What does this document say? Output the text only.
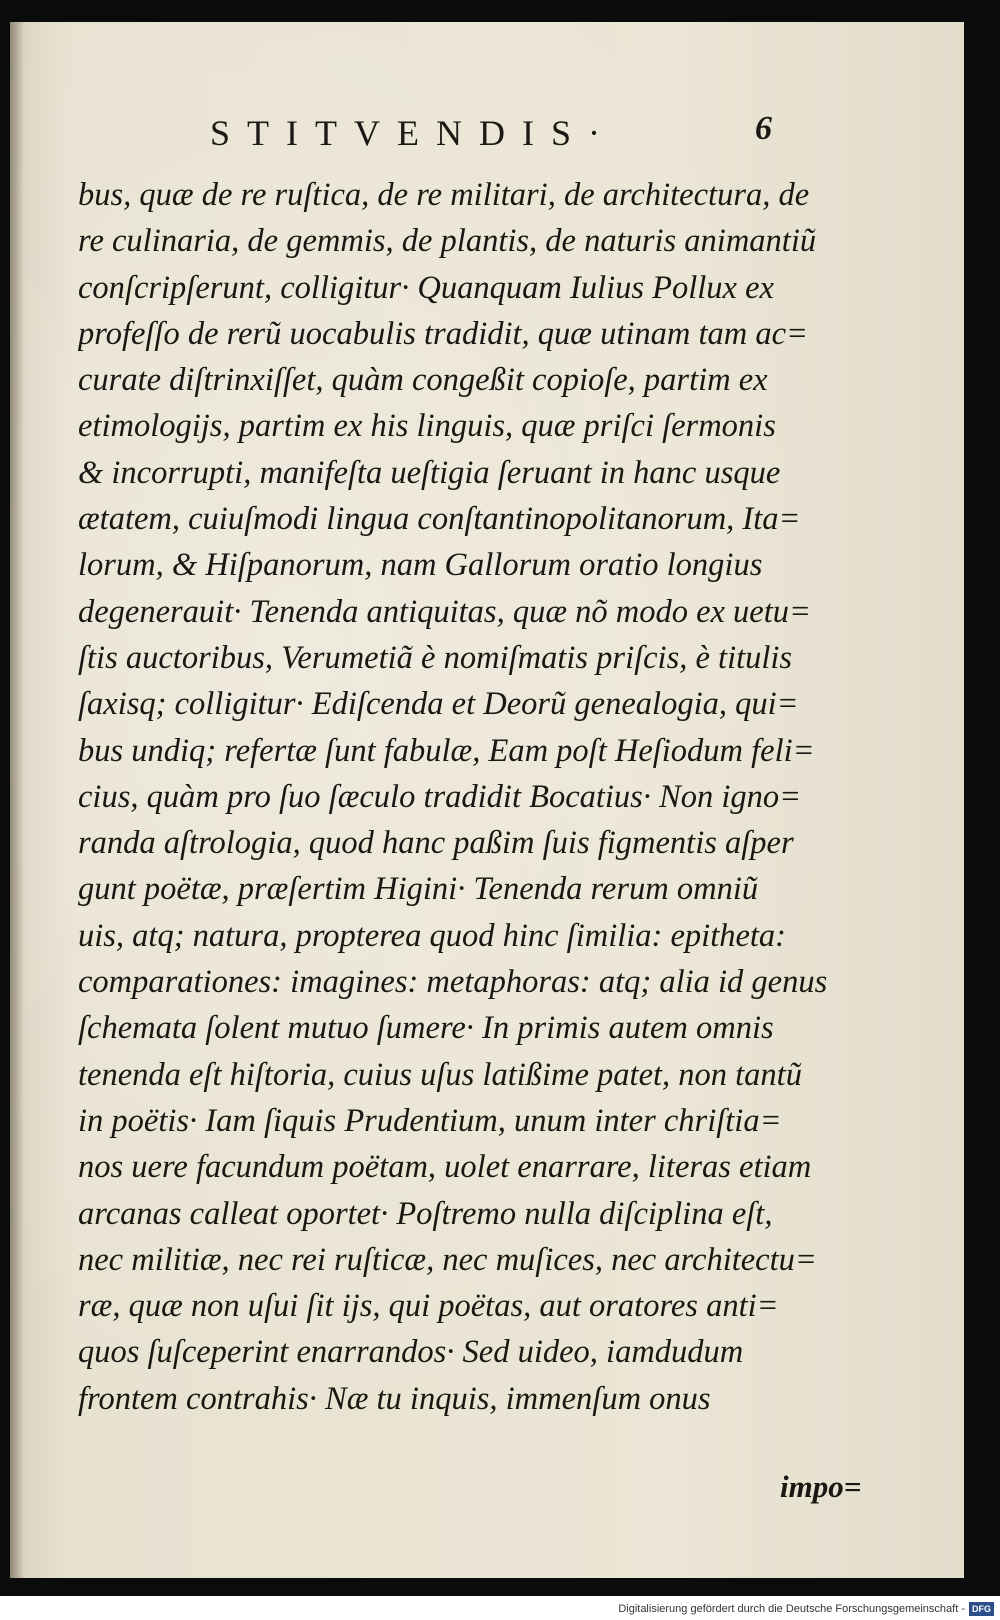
STITVENDIS·	6
bus, quæ de re ruſtica, de re militari, de architectura, de
re culinaria, de gemmis, de plantis, de naturis animantiũ
conſcripſerunt, colligitur· Quanquam Iulius Pollux ex
profeſſo de rerũ uocabulis tradidit, quæ utinam tam ac=
curate diſtrinxiſſet, quàm congeßit copioſe, partim ex
etimologijs, partim ex his linguis, quæ priſci ſermonis
& incorrupti, manifeſta ueſtigia ſeruant in hanc usque
ætatem, cuiuſmodi lingua conſtantinopolitanorum, Ita=
lorum, & Hiſpanorum, nam Gallorum oratio longius
degenerauit· Tenenda antiquitas, quæ nõ modo ex uetu=
ſtis auctoribus, Verumetiã è nomiſmatis priſcis, è titulis
ſaxisq; colligitur· Ediſcenda et Deorũ genealogia, qui=
bus undiq; refertæ ſunt fabulæ, Eam poſt Heſiodum feli=
cius, quàm pro ſuo ſæculo tradidit Bocatius· Non igno=
randa aſtrologia, quod hanc paßim ſuis figmentis aſper
gunt poëtæ, præſertim Higini· Tenenda rerum omniũ
uis, atq; natura, propterea quod hinc ſimilia: epitheta:
comparationes: imagines: metaphoras: atq; alia id genus
ſchemata ſolent mutuo ſumere· In primis autem omnis
tenenda eſt hiſtoria, cuius uſus latißime patet, non tantũ
in poëtis· Iam ſiquis Prudentium, unum inter chriſtia=
nos uere facundum poëtam, uolet enarrare, literas etiam
arcanas calleat oportet· Poſtremo nulla diſciplina eſt,
nec militiæ, nec rei ruſticæ, nec muſices, nec architectu=
ræ, quæ non uſui ſit ijs, qui poëtas, aut oratores anti=
quos ſuſceperint enarrandos· Sed uideo, iamdudum
frontem contrahis· Næ tu inquis, immenſum onus
impo=
Digitalisierung gefördert durch die Deutsche Forschungsgemeinschaft - DFG
